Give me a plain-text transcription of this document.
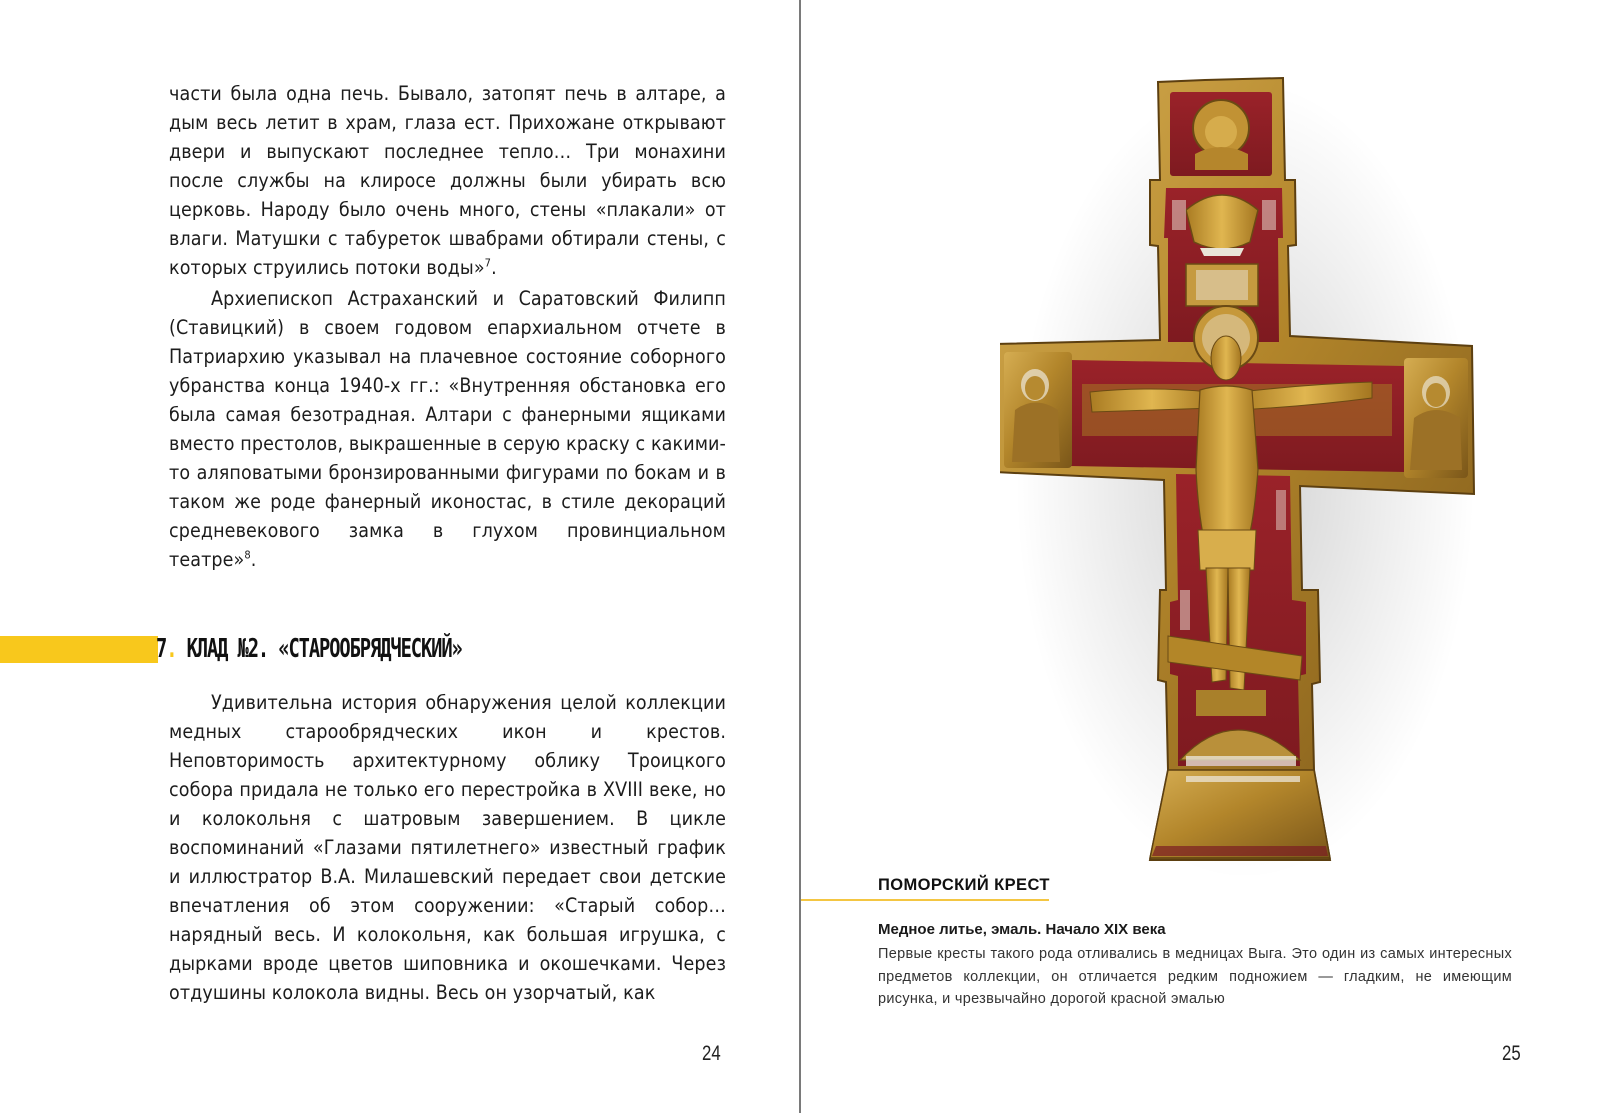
части была одна печь. Бывало, затопят печь в алтаре, а дым весь летит в храм, глаза ест. Прихожане открывают двери и выпускают последнее тепло… Три монахини после службы на клиросе должны были убирать всю церковь. Народу было очень много, стены «плакали» от влаги. Матушки с табуреток швабрами обтирали стены, с которых струились потоки воды»$^7$.

Архиепископ Астраханский и Саратовский Филипп (Ставицкий) в своем годовом епархиальном отчете в Патриархию указывал на плачевное состояние соборного убранства конца 1940-х гг.: «Внутренняя обстановка его была самая безотрадная. Алтари с фанерными ящиками вместо престолов, выкрашенные в серую краску с какими-то аляповатыми бронзированными фигурами по бокам и в таком же роде фанерный иконостас, в стиле декораций средневекового замка в глухом провинциальном театре»$^8$.

7 . КЛАД №2. «СТАРООБРЯДЧЕСКИЙ»

Удивительна история обнаружения целой коллекции медных старообрядческих икон и крестов. Неповторимость архитектурному облику Троицкого собора придала не только его перестройка в XVIII веке, но и колокольня с шатровым завершением. В цикле воспоминаний «Глазами пятилетнего» известный график и иллюстратор В.А. Милашевский передает свои детские впечатления об этом сооружении: «Старый собор… нарядный весь. И колокольня, как большая игрушка, с дырками вроде цветов шиповника и окошечками. Через отдушины колокола видны. Весь он узорчатый, как

24
ПОМОРСКИЙ КРЕСТ
Медное литье, эмаль. Начало XIX века
Первые кресты такого рода отливались в медницах Выга. Это один из самых интересных предметов коллекции, он отличается редким подножием — гладким, не имеющим рисунка, и чрезвычайно дорогой красной эмалью
25
